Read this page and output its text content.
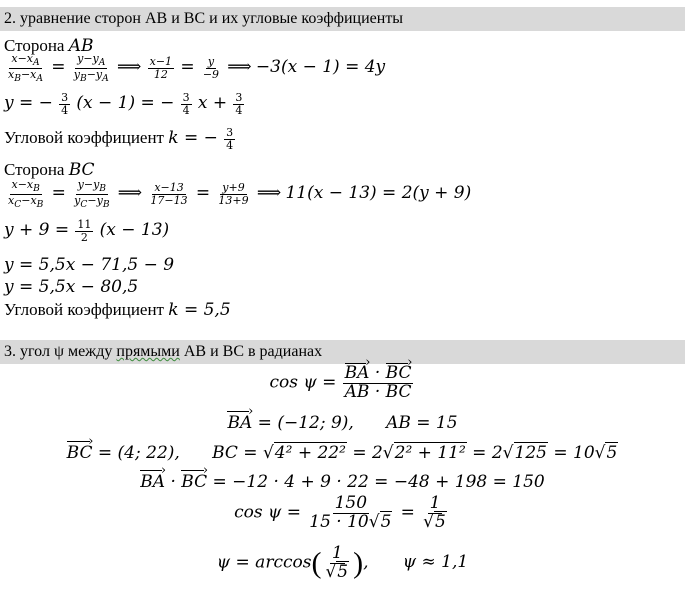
2. уравнение сторон АВ и ВС и их угловые коэффициенты
Сторона AB
$\frac{x-x_A}{x_B-x_A} = \frac{y-y_A}{y_B-y_A}$ ⟹ $\frac{x-1}{12} = \frac{y}{-9}$ ⟹ −3(x − 1) = 4y
y = − $\frac{3}{4} (x - 1)$ = − $\frac{3}{4}$ $x + \frac{3}{4}$
Угловой коэффициент k = − $\frac{3}{4}$
Сторона BC
$\frac{x-x_B}{x_C-x_B} = \frac{y-y_B}{y_C-y_B}$ ⟹ $\frac{x-13}{17-13} = \frac{y+9}{13+9}$ ⟹ 11(x − 13) = 2(y + 9)
$y + 9 = \frac{11}{2} (x - 13)$
y = 5,5x − 71,5 − 9
y = 5,5x − 80,5
Угловой коэффициент k = 5,5
3. угол ψ между прямыми АВ и ВС в радианах
$\cos \psi = \frac{BA › \cdot BC ›}{AB \cdot BC}$
BA › = (−12; 9), AB = 15
BC › = (4; 22), BC = √4² + 22² = 2√2² + 11² = 2√125 = 10√5
BA › · BC › = −12 · 4 + 9 · 22 = −48 + 198 = 150
$\cos \psi = \frac{150}{15 \cdot 10√5} = \frac{1}{√5}$
$\psi = \arccos( \frac{1}{√5}$ ), ψ ≈ 1,1
